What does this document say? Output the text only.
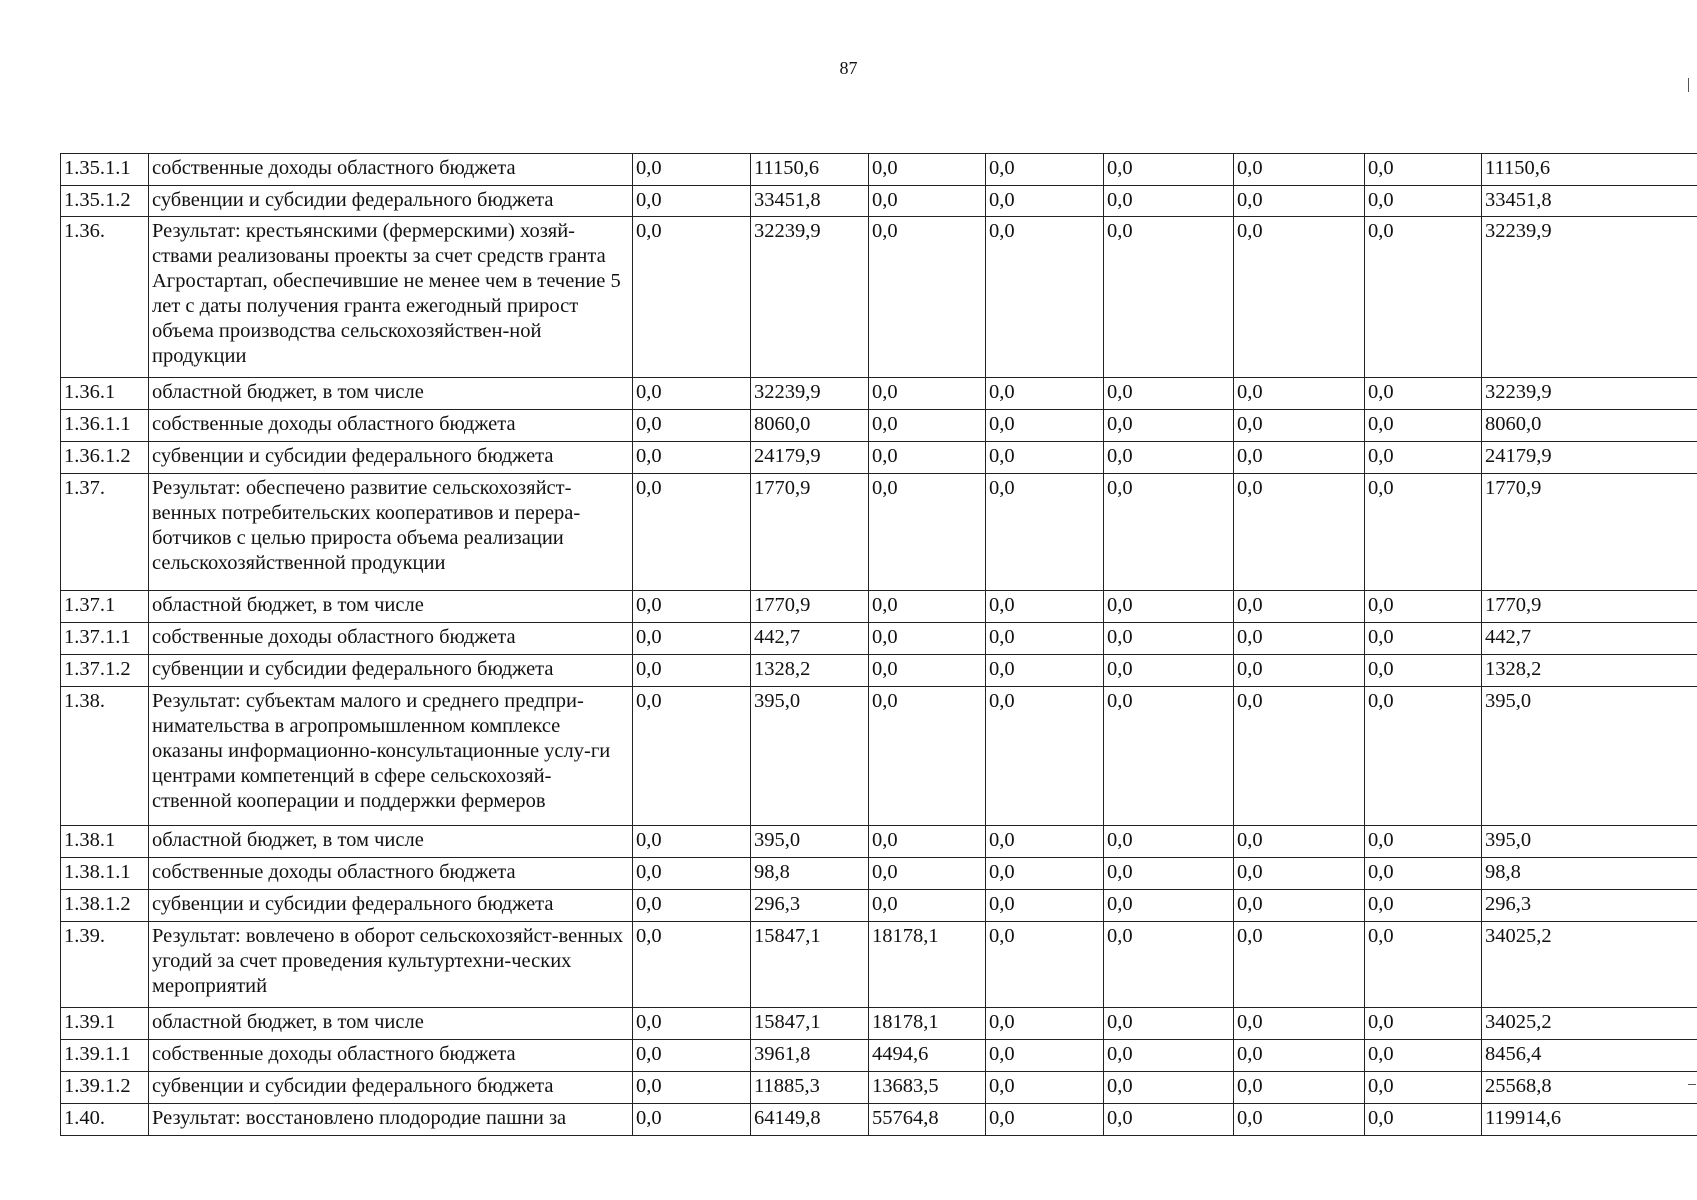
87
1.35.1.1	собственные доходы областного бюджета	0,0	11150,6	0,0	0,0	0,0	0,0	0,0	11150,6
1.35.1.2	субвенции и субсидии федерального бюджета	0,0	33451,8	0,0	0,0	0,0	0,0	0,0	33451,8
1.36.	Результат: крестьянскими (фермерскими) хозяй-ствами реализованы проекты за счет средств гранта Агростартап, обеспечившие не менее чем в течение 5 лет с даты получения гранта ежегодный прирост объема производства сельскохозяйствен-ной продукции	0,0	32239,9	0,0	0,0	0,0	0,0	0,0	32239,9
1.36.1	областной бюджет, в том числе	0,0	32239,9	0,0	0,0	0,0	0,0	0,0	32239,9
1.36.1.1	собственные доходы областного бюджета	0,0	8060,0	0,0	0,0	0,0	0,0	0,0	8060,0
1.36.1.2	субвенции и субсидии федерального бюджета	0,0	24179,9	0,0	0,0	0,0	0,0	0,0	24179,9
1.37.	Результат: обеспечено развитие сельскохозяйст-венных потребительских кооперативов и перера-ботчиков с целью прироста объема реализации сельскохозяйственной продукции	0,0	1770,9	0,0	0,0	0,0	0,0	0,0	1770,9
1.37.1	областной бюджет, в том числе	0,0	1770,9	0,0	0,0	0,0	0,0	0,0	1770,9
1.37.1.1	собственные доходы областного бюджета	0,0	442,7	0,0	0,0	0,0	0,0	0,0	442,7
1.37.1.2	субвенции и субсидии федерального бюджета	0,0	1328,2	0,0	0,0	0,0	0,0	0,0	1328,2
1.38.	Результат: субъектам малого и среднего предпри-нимательства в агропромышленном комплексе оказаны информационно-консультационные услу-ги центрами компетенций в сфере сельскохозяй-ственной кооперации и поддержки фермеров	0,0	395,0	0,0	0,0	0,0	0,0	0,0	395,0
1.38.1	областной бюджет, в том числе	0,0	395,0	0,0	0,0	0,0	0,0	0,0	395,0
1.38.1.1	собственные доходы областного бюджета	0,0	98,8	0,0	0,0	0,0	0,0	0,0	98,8
1.38.1.2	субвенции и субсидии федерального бюджета	0,0	296,3	0,0	0,0	0,0	0,0	0,0	296,3
1.39.	Результат: вовлечено в оборот сельскохозяйст-венных угодий за счет проведения культуртехни-ческих мероприятий	0,0	15847,1	18178,1	0,0	0,0	0,0	0,0	34025,2
1.39.1	областной бюджет, в том числе	0,0	15847,1	18178,1	0,0	0,0	0,0	0,0	34025,2
1.39.1.1	собственные доходы областного бюджета	0,0	3961,8	4494,6	0,0	0,0	0,0	0,0	8456,4
1.39.1.2	субвенции и субсидии федерального бюджета	0,0	11885,3	13683,5	0,0	0,0	0,0	0,0	25568,8
1.40.	Результат: восстановлено плодородие пашни за	0,0	64149,8	55764,8	0,0	0,0	0,0	0,0	119914,6
